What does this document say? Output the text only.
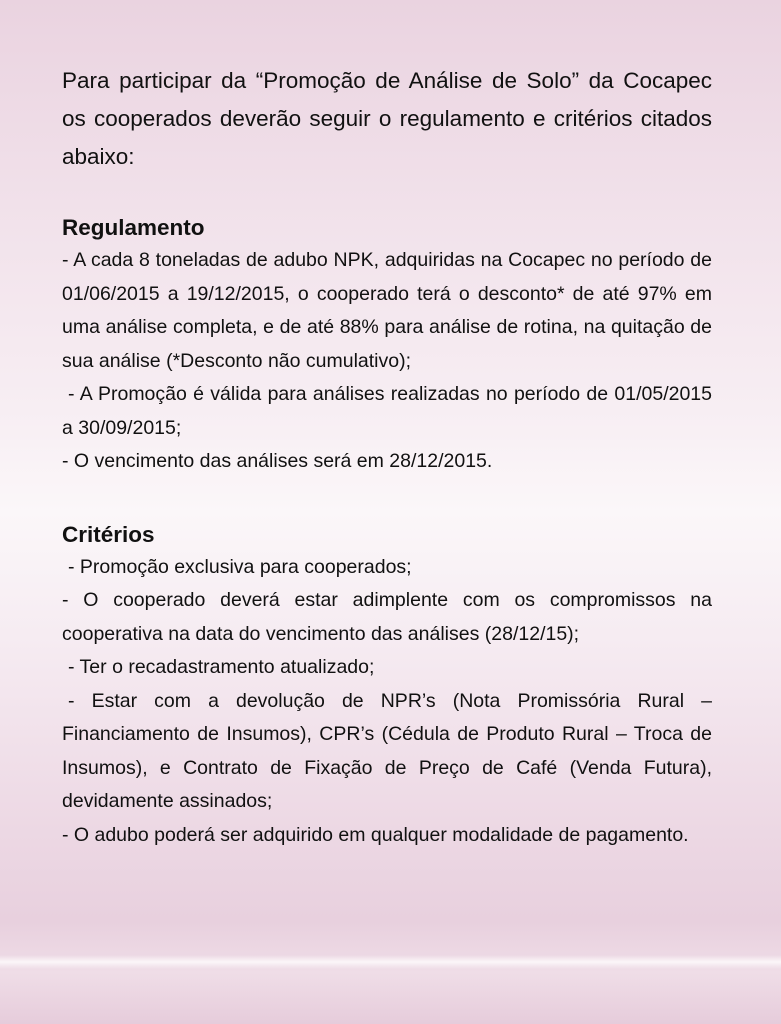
Para participar da “Promoção de Análise de Solo” da Cocapec os cooperados deverão seguir o regulamento e critérios citados abaixo:

Regulamento
- A cada 8 toneladas de adubo NPK, adquiridas na Cocapec no período de 01/06/2015 a 19/12/2015, o cooperado terá o desconto* de até 97% em uma análise completa, e de até 88% para análise de rotina, na quitação de sua análise (*Desconto não cumulativo);
- A Promoção é válida para análises realizadas no período de 01/05/2015 a 30/09/2015;
- O vencimento das análises será em 28/12/2015.
Critérios
- Promoção exclusiva para cooperados;
- O cooperado deverá estar adimplente com os compromissos na cooperativa na data do vencimento das análises (28/12/15);
- Ter o recadastramento atualizado;
- Estar com a devolução de NPR’s (Nota Promissória Rural – Financiamento de Insumos), CPR’s (Cédula de Produto Rural – Troca de Insumos), e Contrato de Fixação de Preço de Café (Venda Futura), devidamente assinados;
- O adubo poderá ser adquirido em qualquer modalidade de pagamento.
